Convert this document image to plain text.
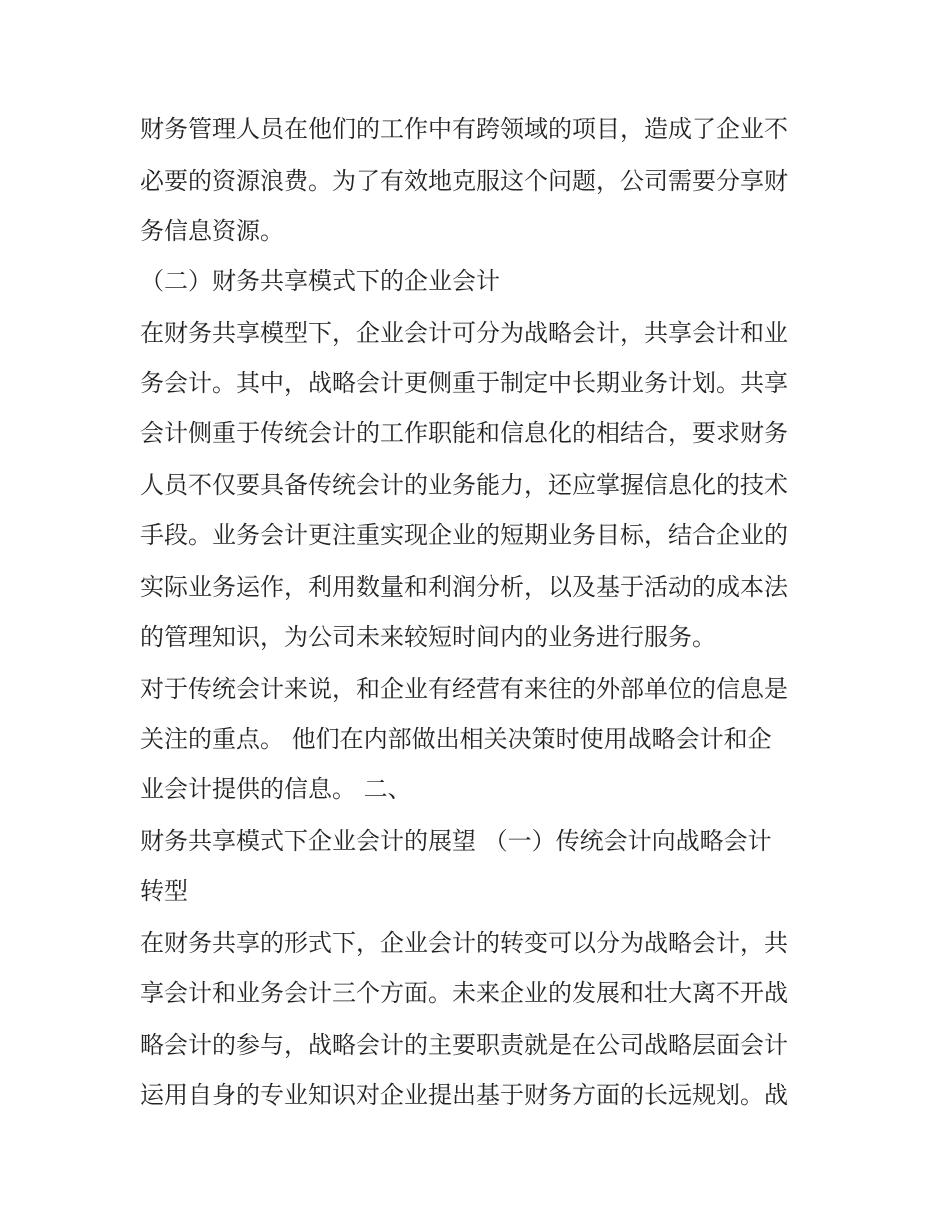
财务管理人员在他们的工作中有跨领域的项目，造成了企业不
必要的资源浪费。为了有效地克服这个问题，公司需要分享财
务信息资源。
（二）财务共享模式下的企业会计
在财务共享模型下，企业会计可分为战略会计，共享会计和业
务会计。其中，战略会计更侧重于制定中长期业务计划。共享
会计侧重于传统会计的工作职能和信息化的相结合，要求财务
人员不仅要具备传统会计的业务能力，还应掌握信息化的技术
手段。业务会计更注重实现企业的短期业务目标，结合企业的
实际业务运作，利用数量和利润分析，以及基于活动的成本法
的管理知识，为公司未来较短时间内的业务进行服务。
对于传统会计来说，和企业有经营有来往的外部单位的信息是
关注的重点。 他们在内部做出相关决策时使用战略会计和企
业会计提供的信息。 二、
财务共享模式下企业会计的展望 （一）传统会计向战略会计
转型
在财务共享的形式下，企业会计的转变可以分为战略会计，共
享会计和业务会计三个方面。未来企业的发展和壮大离不开战
略会计的参与，战略会计的主要职责就是在公司战略层面会计
运用自身的专业知识对企业提出基于财务方面的长远规划。战
